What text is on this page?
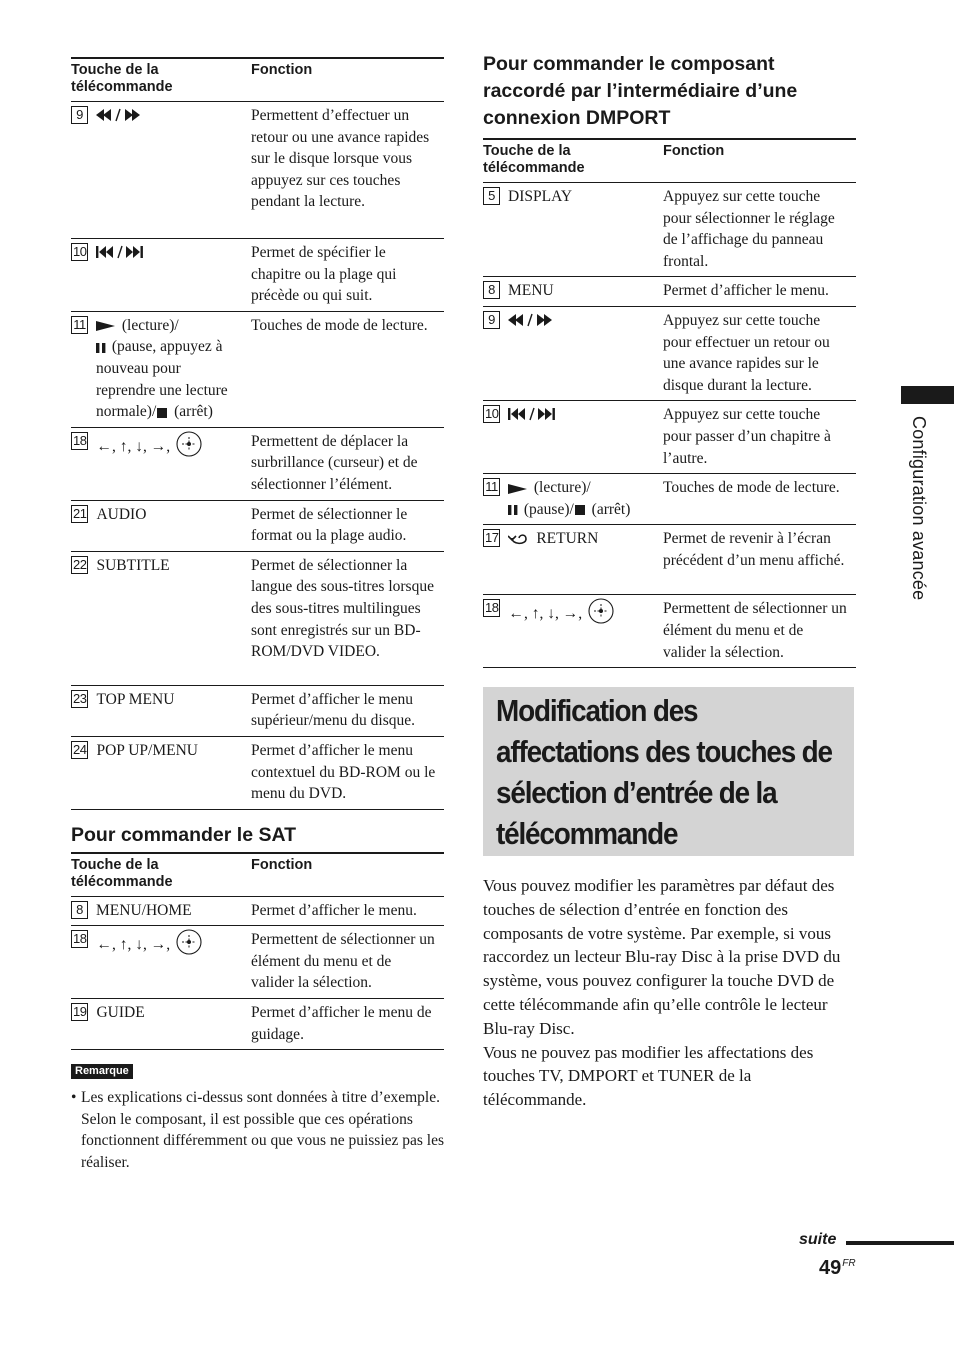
Touche de la télécommande	Fonction

9	Permettent d’effectuer un retour ou une avance rapides sur le disque lorsque vous appuyez sur ces touches pendant la lecture.

10	Permet de spécifier le chapitre ou la plage qui précède ou qui suit.

11 (lecture)/

(pause, appuyez à nouveau pour reprendre une lecture normale)/ (arrêt)	Touches de mode de lecture.

18 ←, ↑, ↓, →,	Permettent de déplacer la surbrillance (curseur) et de sélectionner l’élément.

21 AUDIO	Permet de sélectionner le format ou la plage audio.

22 SUBTITLE	Permet de sélectionner la langue des sous-titres lorsque des sous-titres multilingues sont enregistrés sur un BD-ROM/DVD VIDEO.

23 TOP MENU	Permet d’afficher le menu supérieur/menu du disque.

24 POP UP/MENU	Permet d’afficher le menu contextuel du BD-ROM ou le menu du DVD.
Pour commander le SAT
Touche de la télécommande	Fonction

8 MENU/HOME	Permet d’afficher le menu.

18 ←, ↑, ↓, →,	Permettent de sélectionner un élément du menu et de valider la sélection.

19 GUIDE	Permet d’afficher le menu de guidage.
Remarque
• Les explications ci-dessus sont données à titre d’exemple. Selon le composant, il est possible que ces opérations fonctionnent différemment ou que vous ne puissiez pas les réaliser.
Pour commander le composant raccordé par l’intermédiaire d’une connexion DMPORT
Touche de la télécommande	Fonction

5 DISPLAY	Appuyez sur cette touche pour sélectionner le réglage de l’affichage du panneau frontal.

8 MENU	Permet d’afficher le menu.

9	Appuyez sur cette touche pour effectuer un retour ou une avance rapides sur le disque durant la lecture.

10	Appuyez sur cette touche pour passer d’un chapitre à l’autre.

11 (lecture)/

(pause)/ (arrêt)	Touches de mode de lecture.

17 RETURN	Permet de revenir à l’écran précédent d’un menu affiché.

18 ←, ↑, ↓, →,	Permettent de sélectionner un élément du menu et de valider la sélection.
Modification des affectations des touches de sélection d’entrée de la télécommande

Vous pouvez modifier les paramètres par défaut des touches de sélection d’entrée en fonction des composants de votre système. Par exemple, si vous raccordez un lecteur Blu-ray Disc à la prise DVD du système, vous pouvez configurer la touche DVD de cette télécommande afin qu’elle contrôle le lecteur Blu-ray Disc.

Vous ne pouvez pas modifier les affectations des touches TV, DMPORT et TUNER de la télécommande.

Configuration avancée
suite
$49^{FR}$
